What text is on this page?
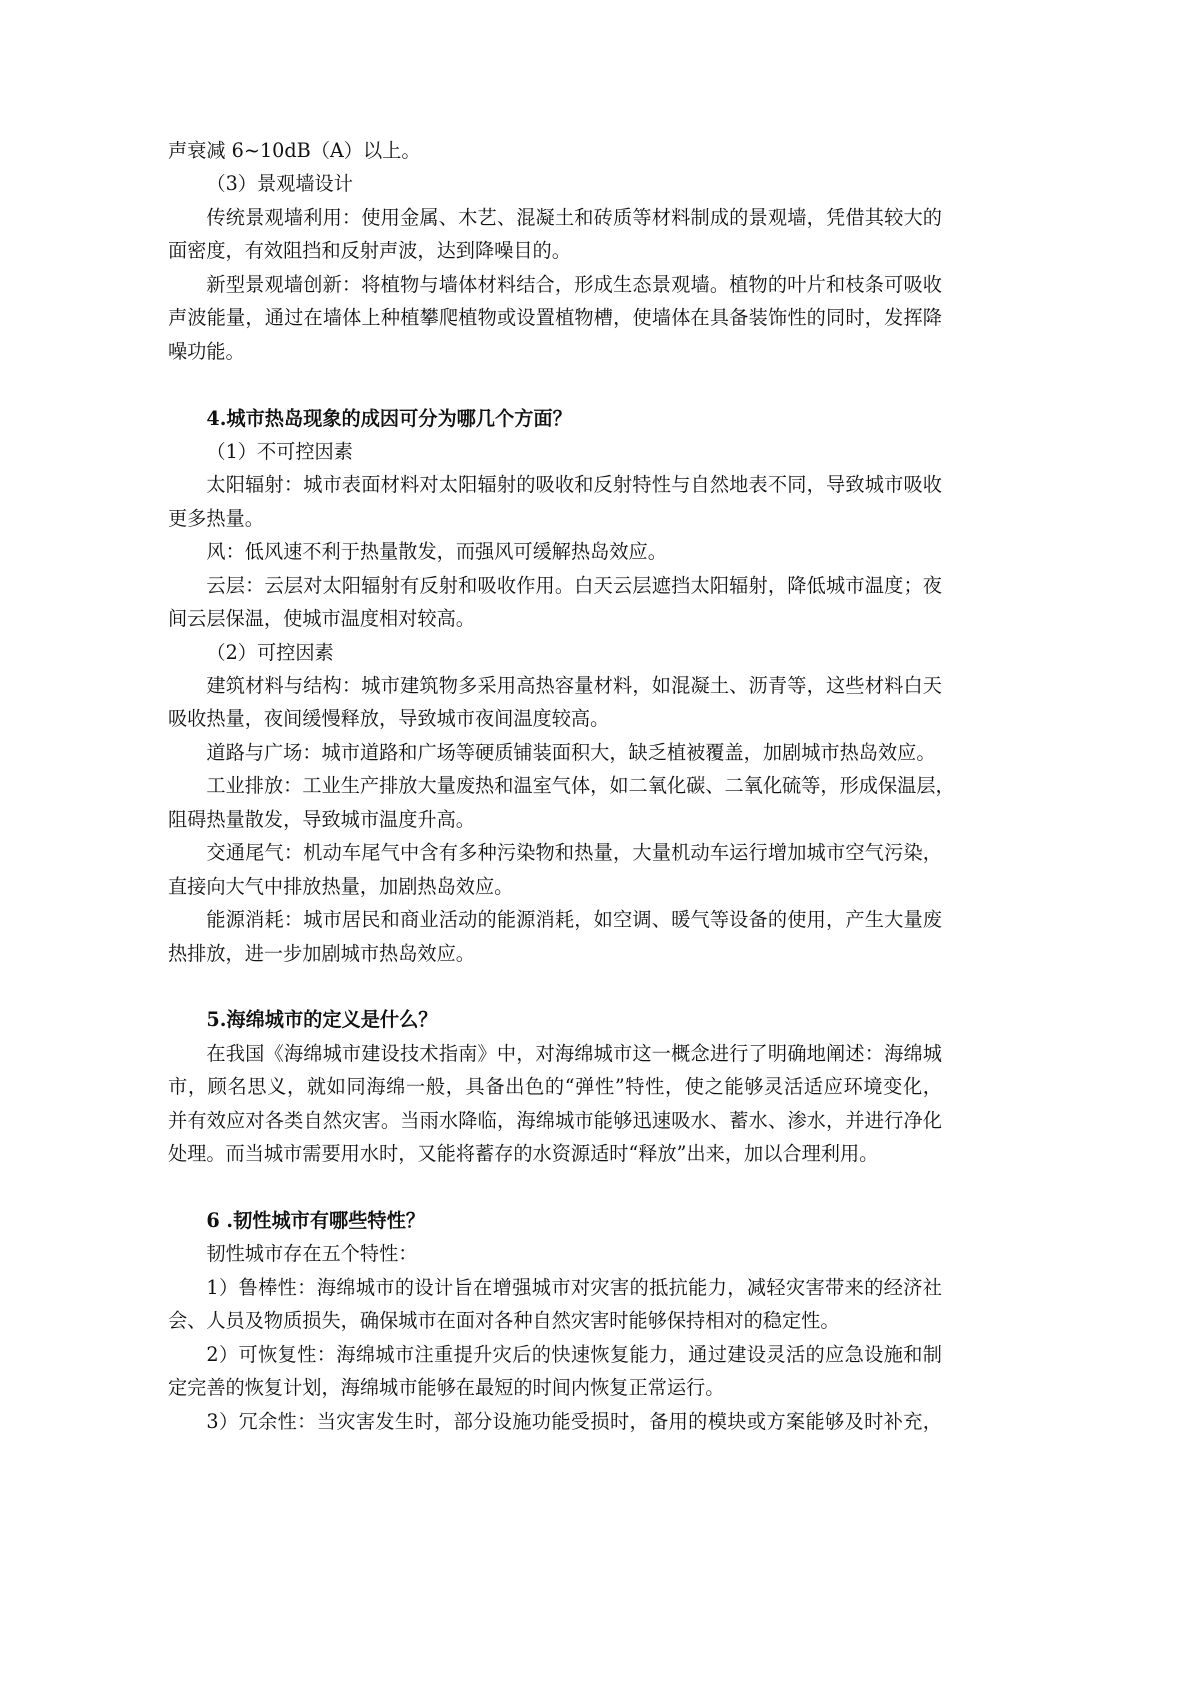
声衰减 6~10dB（A）以上。
（3）景观墙设计
传统景观墙利用：使用金属、木艺、混凝土和砖质等材料制成的景观墙，凭借其较大的
面密度，有效阻挡和反射声波，达到降噪目的。
新型景观墙创新：将植物与墙体材料结合，形成生态景观墙。植物的叶片和枝条可吸收
声波能量，通过在墙体上种植攀爬植物或设置植物槽，使墙体在具备装饰性的同时，发挥降
噪功能。
4.城市热岛现象的成因可分为哪几个方面？
（1）不可控因素
太阳辐射：城市表面材料对太阳辐射的吸收和反射特性与自然地表不同，导致城市吸收
更多热量。
风：低风速不利于热量散发，而强风可缓解热岛效应。
云层：云层对太阳辐射有反射和吸收作用。白天云层遮挡太阳辐射，降低城市温度；夜
间云层保温，使城市温度相对较高。
（2）可控因素
建筑材料与结构：城市建筑物多采用高热容量材料，如混凝土、沥青等，这些材料白天
吸收热量，夜间缓慢释放，导致城市夜间温度较高。
道路与广场：城市道路和广场等硬质铺装面积大，缺乏植被覆盖，加剧城市热岛效应。
工业排放：工业生产排放大量废热和温室气体，如二氧化碳、二氧化硫等，形成保温层，
阻碍热量散发，导致城市温度升高。
交通尾气：机动车尾气中含有多种污染物和热量，大量机动车运行增加城市空气污染，
直接向大气中排放热量，加剧热岛效应。
能源消耗：城市居民和商业活动的能源消耗，如空调、暖气等设备的使用，产生大量废
热排放，进一步加剧城市热岛效应。
5.海绵城市的定义是什么？
在我国《海绵城市建设技术指南》中，对海绵城市这一概念进行了明确地阐述：海绵城
市，顾名思义，就如同海绵一般，具备出色的“弹性”特性，使之能够灵活适应环境变化，
并有效应对各类自然灾害。当雨水降临，海绵城市能够迅速吸水、蓄水、渗水，并进行净化
处理。而当城市需要用水时，又能将蓄存的水资源适时“释放”出来，加以合理利用。
6 .韧性城市有哪些特性？
韧性城市存在五个特性：
1）鲁棒性：海绵城市的设计旨在增强城市对灾害的抵抗能力，减轻灾害带来的经济社
会、人员及物质损失，确保城市在面对各种自然灾害时能够保持相对的稳定性。
2）可恢复性：海绵城市注重提升灾后的快速恢复能力，通过建设灵活的应急设施和制
定完善的恢复计划，海绵城市能够在最短的时间内恢复正常运行。
3）冗余性：当灾害发生时，部分设施功能受损时，备用的模块或方案能够及时补充，
